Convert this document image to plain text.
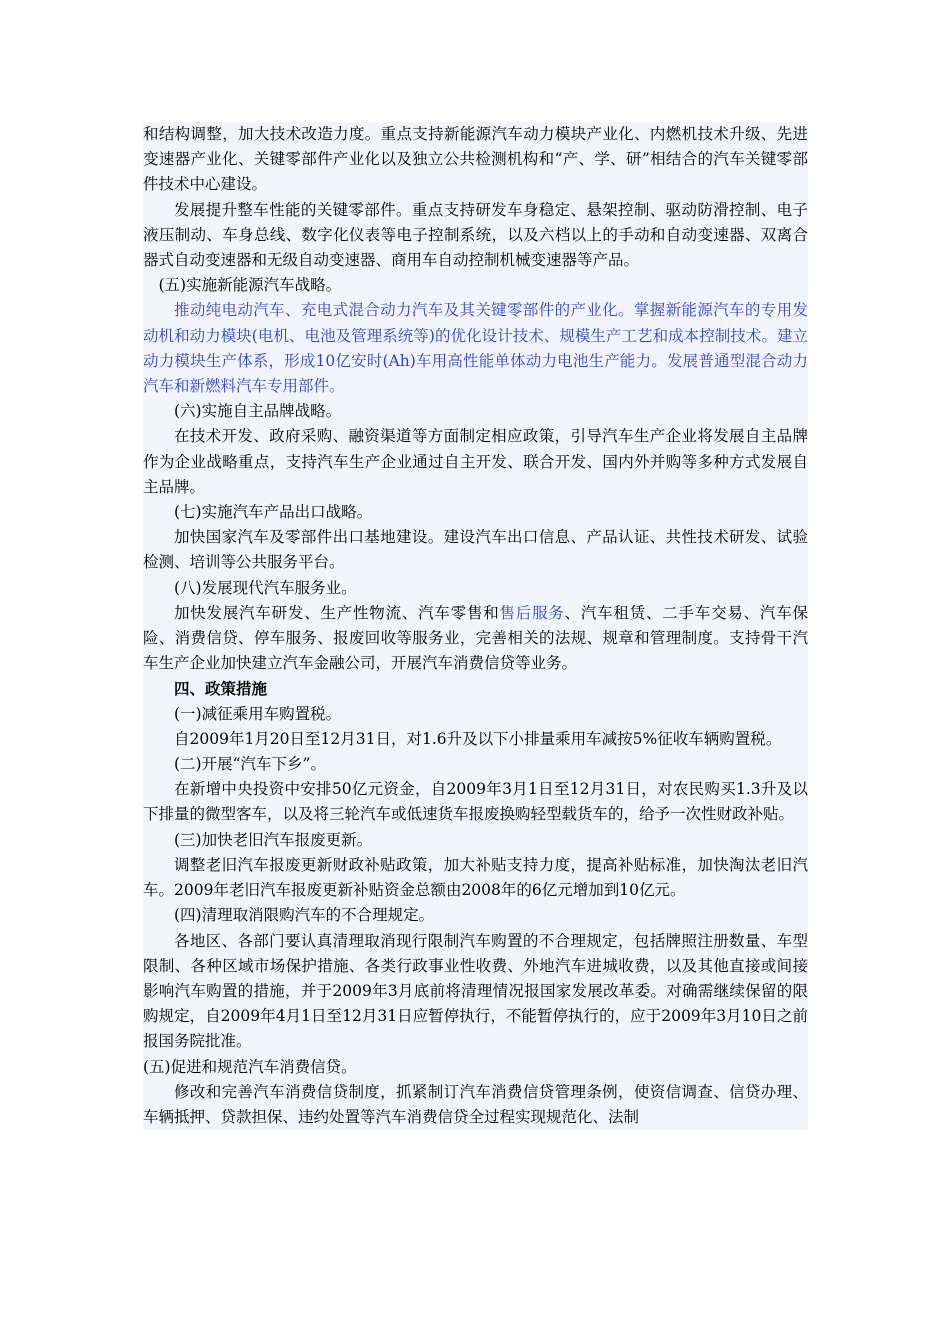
和结构调整，加大技术改造力度。重点支持新能源汽车动力模块产业化、内燃机技术升级、先进变速器产业化、关键零部件产业化以及独立公共检测机构和“产、学、研”相结合的汽车关键零部件技术中心建设。

发展提升整车性能的关键零部件。重点支持研发车身稳定、悬架控制、驱动防滑控制、电子液压制动、车身总线、数字化仪表等电子控制系统，以及六档以上的手动和自动变速器、双离合器式自动变速器和无级自动变速器、商用车自动控制机械变速器等产品。

(五)实施新能源汽车战略。

推动纯电动汽车、充电式混合动力汽车及其关键零部件的产业化。掌握新能源汽车的专用发动机和动力模块(电机、电池及管理系统等)的优化设计技术、规模生产工艺和成本控制技术。建立动力模块生产体系，形成10亿安时(Ah)车用高性能单体动力电池生产能力。发展普通型混合动力汽车和新燃料汽车专用部件。

(六)实施自主品牌战略。

在技术开发、政府采购、融资渠道等方面制定相应政策，引导汽车生产企业将发展自主品牌作为企业战略重点，支持汽车生产企业通过自主开发、联合开发、国内外并购等多种方式发展自主品牌。

(七)实施汽车产品出口战略。

加快国家汽车及零部件出口基地建设。建设汽车出口信息、产品认证、共性技术研发、试验检测、培训等公共服务平台。

(八)发展现代汽车服务业。

加快发展汽车研发、生产性物流、汽车零售和售后服务、汽车租赁、二手车交易、汽车保险、消费信贷、停车服务、报废回收等服务业，完善相关的法规、规章和管理制度。支持骨干汽车生产企业加快建立汽车金融公司，开展汽车消费信贷等业务。

四、政策措施

(一)减征乘用车购置税。

自2009年1月20日至12月31日，对1.6升及以下小排量乘用车减按5%征收车辆购置税。

(二)开展“汽车下乡”。

在新增中央投资中安排50亿元资金，自2009年3月1日至12月31日，对农民购买1.3升及以下排量的微型客车，以及将三轮汽车或低速货车报废换购轻型载货车的，给予一次性财政补贴。

(三)加快老旧汽车报废更新。

调整老旧汽车报废更新财政补贴政策，加大补贴支持力度，提高补贴标准，加快淘汰老旧汽车。2009年老旧汽车报废更新补贴资金总额由2008年的6亿元增加到10亿元。

(四)清理取消限购汽车的不合理规定。

各地区、各部门要认真清理取消现行限制汽车购置的不合理规定，包括牌照注册数量、车型限制、各种区域市场保护措施、各类行政事业性收费、外地汽车进城收费，以及其他直接或间接影响汽车购置的措施，并于2009年3月底前将清理情况报国家发展改革委。对确需继续保留的限购规定，自2009年4月1日至12月31日应暂停执行，不能暂停执行的，应于2009年3月10日之前报国务院批准。

(五)促进和规范汽车消费信贷。

修改和完善汽车消费信贷制度，抓紧制订汽车消费信贷管理条例，使资信调查、信贷办理、车辆抵押、贷款担保、违约处置等汽车消费信贷全过程实现规范化、法制
